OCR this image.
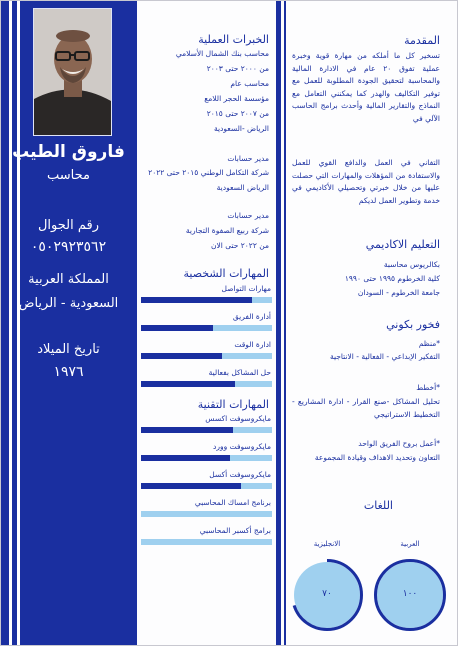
فاروق الطيب
محاسب
رقم الجوال
٠٥٠٢٩٢٣٥٦٢
المملكة العربية
السعودية - الرياض
تاريخ الميلاد
١٩٧٦
الخبرات العملية
محاسب بنك الشمال الأسلامي
من ٢٠٠٠ حتى ٢٠٠٣
محاسب عام
مؤسسة الحجر اللامع
من ٢٠٠٧ حتى ٢٠١٥
الرياض -السعودية
مدير حسابات
شركة التكامل الوطني ٢٠١٥ حتى ٢٠٢٢
الرياض السعودية
مدير حسابات
شركة ربيع الصفوة التجارية
من ٢٠٢٢ حتى الان
المهارات الشخصية
المهارات التقنية
مهارات التواصل
أدارة الفريق
ادارة الوقت
حل المشاكل بفعالية
مايكروسوفت اكسس
مايكروسوفت وورد
مايكروسوفت أكسل
برنامج امساك المحاسبي
برامج أكسبر المحاسبي
المقدمة
تسخير كل ما أملكه من مهارة قوية وخبرة عملية تفوق ٢٠ عام في الادارة المالية والمحاسبة لتحقيق الجودة المطلوبة للعمل مع توفير التكاليف والهدر كما يمكنني التعامل مع النماذج والتقارير المالية وأحدث برامج الحاسب الآلي في
التفاني في العمل والدافع القوي للعمل والاستفادة من المؤهلات والمهارات التي حصلت عليها من خلال خبرتي وتحصيلي الأكاديمي في خدمة وتطوير العمل لديكم
التعليم الاكاديمي
بكالريوس محاسبة
كلية الخرطوم ١٩٩٥ حتى ١٩٩٠
جامعة الخرطوم - السودان
فخور بكوني
*منظم
التفكير الإبداعي - الفعالية - الانتاجية
*أخطط
تحليل المشاكل -صنع القرار - ادارة المشاريع - التخطيط الاستراتيجي
*أعمل بروح الفريق الواحد
التعاون وتحديد الاهداف وقيادة المجموعة
اللغات
العربية
١٠٠
الانجليزية
٧٠
